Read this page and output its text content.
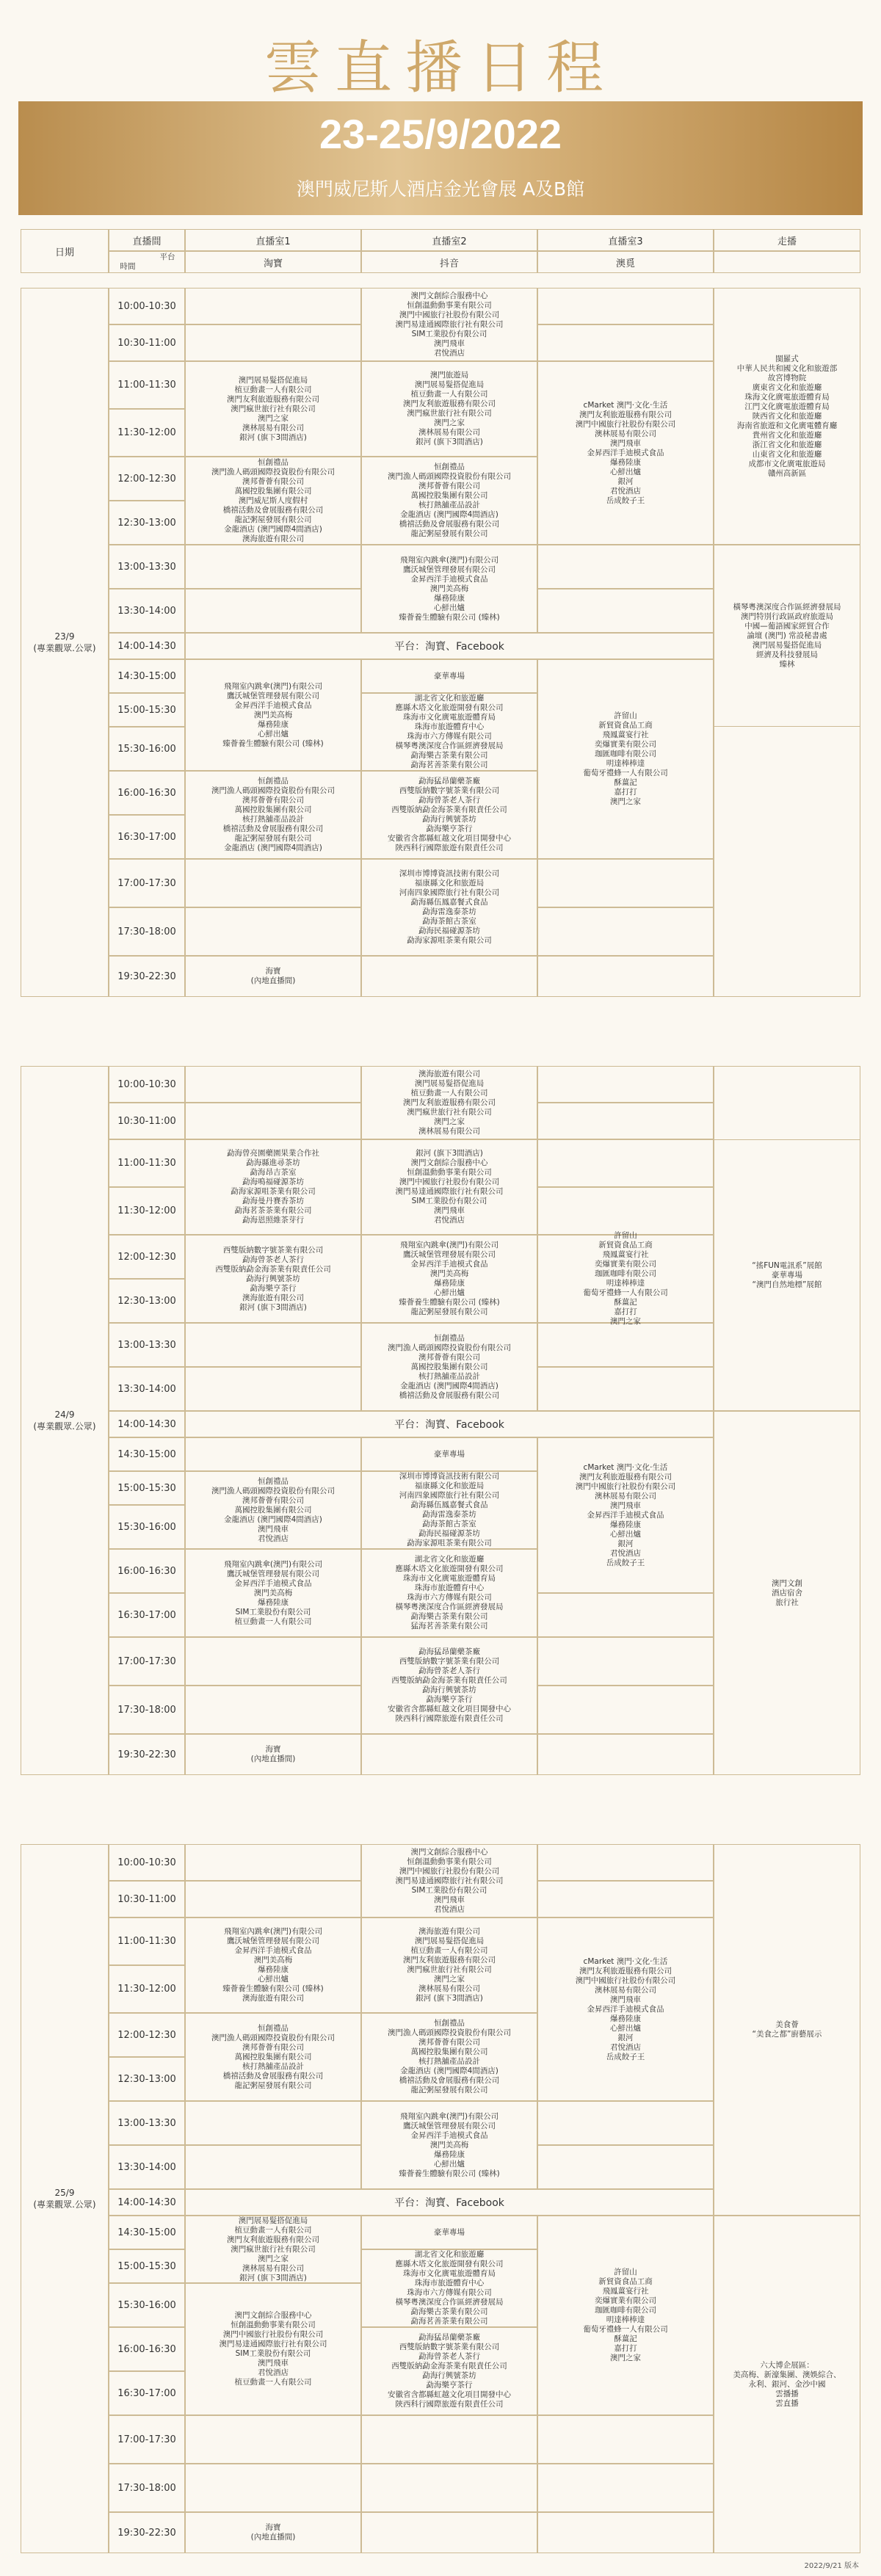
雲直播日程
23-25/9/2022
澳門威尼斯人酒店金光會展 A及B館
日期
直播間
平台
時間
直播室1
淘寶
直播室2
抖音
直播室3
澳覓
走播
23/9
(專業觀眾.公眾)
10:00-10:30
10:30-11:00
11:00-11:30
11:30-12:00
12:00-12:30
12:30-13:00
13:00-13:30
13:30-14:00
14:00-14:30
14:30-15:00
15:00-15:30
15:30-16:00
16:00-16:30
16:30-17:00
17:00-17:30
17:30-18:00
19:30-22:30
平台：淘寶、Facebook
澳門文創綜合服務中心
恒創溫動動事業有限公司
澳門中國旅行社股份有限公司
澳門易達通國際旅行社有限公司
SIM工業股份有限公司
澳門飛車
君悅酒店
澳門展易髮搭促進局
植豆動畫一人有限公司
澳門友利旅遊服務有限公司
澳門瘋世旅行社有限公司
澳門之家
澳林展易有限公司
銀河 (旗下3間酒店)
澳門旅遊局
澳門展易髮搭促進局
植豆動畫一人有限公司
澳門友利旅遊服務有限公司
澳門瘋世旅行社有限公司
澳門之家
澳林展易有限公司
銀河 (旗下3間酒店)
cMarket 澳門‧文化‧生活
澳門友利旅遊服務有限公司
澳門中國旅行社股份有限公司
澳林展易有限公司
澳門飛車
金昇西洋手迪模式食品
爆務陸康
心鮮出爐
銀河
君悅酒店
岳成餃子王
閩羅式
中華人民共和國文化和旅遊部
故宮博物院
廣東省文化和旅遊廳
珠海文化廣電旅遊體育局
江門文化廣電旅遊體育局
陝西省文化和旅遊廳
海南省旅遊和文化廣電體育廳
貴州省文化和旅遊廳
浙江省文化和旅遊廳
山東省文化和旅遊廳
成都市文化廣電旅遊局
贛州高新區
恒創禮品
澳門漁人碼頭國際投資股份有限公司
澳邦薈薈有限公司
萬國控股集團有限公司
澳門威尼斯人度假村
橋禧活動及會展服務有限公司
龍記粥屋發展有限公司
金龍酒店 (澳門國際4間酒店)
澳海旅遊有限公司
恒創禮品
澳門漁人碼頭國際投資股份有限公司
澳邦薈薈有限公司
萬國控股集團有限公司
核打熱舖產品設計
金龍酒店 (澳門國際4間酒店)
橋禧活動及會展服務有限公司
龍記粥屋發展有限公司
橫琴粵澳深度合作區經濟發展局
澳門特別行政區政府旅遊局
中國—葡語國家經貿合作
論壇 (澳門) 常設秘書處
澳門展易髮搭促進局
經濟及科技發展局
臻林
飛翔室內跳傘(澳門)有限公司
鷹沃城堡管理發展有限公司
金昇西洋手迪模式食品
澳門美高梅
爆務陸康
心鮮出爐
臻薈養生體驗有限公司 (臻林)
飛翔室內跳傘(澳門)有限公司
鷹沃城堡管理發展有限公司
金昇西洋手迪模式食品
澳門美高梅
爆務陸康
心鮮出爐
臻薈養生體驗有限公司 (臻林)
豪華專場
恒創禮品
澳門漁人碼頭國際投資股份有限公司
澳邦薈薈有限公司
萬國控股集團有限公司
核打熱舖產品設計
橋禧活動及會展服務有限公司
龍記粥屋發展有限公司
金龍酒店 (澳門國際4間酒店)
湖北省文化和旅遊廳
應縣木塔文化旅遊開發有限公司
珠海市文化廣電旅遊體育局
珠海市旅遊體育中心
珠海市六方傳媒有限公司
橫琴粵澳深度合作區經濟發展局
勐海樂古茶業有限公司
勐海茗善茶業有限公司
許留山
新貿資食品工商
飛鳳薑宴行社
奕爆實業有限公司
珈匯咖啡有限公司
明達棒棒達
葡萄牙禮蜂一人有限公司
酥薑記
嘉打打
澳門之家
勐海猛昂蘭藥茶廠
西雙版納數字號茶業有限公司
勐海曾茶老人茶行
西雙版納勐金海茶業有限責任公司
勐海行興號茶坊
勐海樂亨茶行
安徽省含都縣虹越文化項目開發中心
陝西科行國際旅遊有限責任公司
深圳市博博資訊技術有限公司
福康縣文化和旅遊局
河南四象國際旅行社有限公司
勐海縣伍鳳嘉餐式食品
勐海雷逸泰茶坊
勐海茶館古茶室
勐海民福碰源茶坊
勐海家源咀茶業有限公司
海寶
(內地直播間)
24/9
(專業觀眾.公眾)
10:00-10:30
10:30-11:00
11:00-11:30
11:30-12:00
12:00-12:30
12:30-13:00
13:00-13:30
13:30-14:00
14:00-14:30
14:30-15:00
15:00-15:30
15:30-16:00
16:00-16:30
16:30-17:00
17:00-17:30
17:30-18:00
19:30-22:30
平台：淘寶、Facebook
澳海旅遊有限公司
澳門展易髮搭促進局
植豆動畫一人有限公司
澳門友利旅遊服務有限公司
澳門瘋世旅行社有限公司
澳門之家
澳林展易有限公司
勐海曾亮園藥園果業合作社
勐海縣進尋茶坊
勐海昂吉茶室
勐海鳴福碰源茶坊
勐海家源咀茶業有限公司
勐海曼丹賽香茶坊
勐海茗茶茶業有限公司
勐海恩照維茶芽行
銀河 (旗下3間酒店)
澳門文創綜合服務中心
恒創溫動動事業有限公司
澳門中國旅行社股份有限公司
澳門易達通國際旅行社有限公司
SIM工業股份有限公司
澳門飛車
君悅酒店
西雙版納數字號茶業有限公司
勐海曾茶老人茶行
西雙版納勐金海茶業有限責任公司
勐海行興號茶坊
勐海樂亨茶行
澳海旅遊有限公司
銀河 (旗下3間酒店)
飛翔室內跳傘(澳門)有限公司
鷹沃城堡管理發展有限公司
金昇西洋手迪模式食品
澳門美高梅
爆務陸康
心鮮出爐
臻薈養生體驗有限公司 (臻林)
龍記粥屋發展有限公司
許留山
新貿資食品工商
飛鳳薑宴行社
奕爆實業有限公司
珈匯咖啡有限公司
明達棒棒達
葡萄牙禮蜂一人有限公司
酥薑記
嘉打打
澳門之家
“搖FUN電訊系”展館
豪華專場
“澳門自然地標”展館
恒創禮品
澳門漁人碼頭國際投資股份有限公司
澳邦薈薈有限公司
萬國控股集團有限公司
核打熱舖產品設計
金龍酒店 (澳門國際4間酒店)
橋禧活動及會展服務有限公司
豪華專場
cMarket 澳門‧文化‧生活
澳門友利旅遊服務有限公司
澳門中國旅行社股份有限公司
澳林展易有限公司
澳門飛車
金昇西洋手迪模式食品
爆務陸康
心鮮出爐
銀河
君悅酒店
岳成餃子王
澳門文創
酒店宿舍
旅行社
恒創禮品
澳門漁人碼頭國際投資股份有限公司
澳邦薈薈有限公司
萬國控股集團有限公司
金龍酒店 (澳門國際4間酒店)
澳門飛車
君悅酒店
深圳市博博資訊技術有限公司
福康縣文化和旅遊局
河南四象國際旅行社有限公司
勐海縣伍鳳嘉餐式食品
勐海雷逸泰茶坊
勐海茶館古茶室
勐海民福碰源茶坊
勐海家源咀茶業有限公司
飛翔室內跳傘(澳門)有限公司
鷹沃城堡管理發展有限公司
金昇西洋手迪模式食品
澳門美高梅
爆務陸康
SIM工業股份有限公司
植豆動畫一人有限公司
湖北省文化和旅遊廳
應縣木塔文化旅遊開發有限公司
珠海市文化廣電旅遊體育局
珠海市旅遊體育中心
珠海市六方傳媒有限公司
橫琴粵澳深度合作區經濟發展局
勐海樂古茶業有限公司
猛海茗善茶業有限公司
勐海猛昂蘭藥茶廠
西雙版納數字號茶業有限公司
勐海曾茶老人茶行
西雙版納勐金海茶業有限責任公司
勐海行興號茶坊
勐海樂亨茶行
安徽省含都縣虹越文化項目開發中心
陝西科行國際旅遊有限責任公司
海寶
(內地直播間)
25/9
(專業觀眾.公眾)
10:00-10:30
10:30-11:00
11:00-11:30
11:30-12:00
12:00-12:30
12:30-13:00
13:00-13:30
13:30-14:00
14:00-14:30
14:30-15:00
15:00-15:30
15:30-16:00
16:00-16:30
16:30-17:00
17:00-17:30
17:30-18:00
19:30-22:30
平台：淘寶、Facebook
澳門文創綜合服務中心
恒創溫動動事業有限公司
澳門中國旅行社股份有限公司
澳門易達通國際旅行社有限公司
SIM工業股份有限公司
澳門飛車
君悅酒店
飛翔室內跳傘(澳門)有限公司
鷹沃城堡管理發展有限公司
金昇西洋手迪模式食品
澳門美高梅
爆務陸康
心鮮出爐
臻薈養生體驗有限公司 (臻林)
澳海旅遊有限公司
澳海旅遊有限公司
澳門展易髮搭促進局
植豆動畫一人有限公司
澳門友利旅遊服務有限公司
澳門瘋世旅行社有限公司
澳門之家
澳林展易有限公司
銀河 (旗下3間酒店)
cMarket 澳門‧文化‧生活
澳門友利旅遊服務有限公司
澳門中國旅行社股份有限公司
澳林展易有限公司
澳門飛車
金昇西洋手迪模式食品
爆務陸康
心鮮出爐
銀河
君悅酒店
岳成餃子王
恒創禮品
澳門漁人碼頭國際投資股份有限公司
澳邦薈薈有限公司
萬國控股集團有限公司
核打熱舖產品設計
橋禧活動及會展服務有限公司
龍記粥屋發展有限公司
恒創禮品
澳門漁人碼頭國際投資股份有限公司
澳邦薈薈有限公司
萬國控股集團有限公司
核打熱舖產品設計
金龍酒店 (澳門國際4間酒店)
橋禧活動及會展服務有限公司
龍記粥屋發展有限公司
美食薈
“美食之都”廚藝展示
飛翔室內跳傘(澳門)有限公司
鷹沃城堡管理發展有限公司
金昇西洋手迪模式食品
澳門美高梅
爆務陸康
心鮮出爐
臻薈養生體驗有限公司 (臻林)
澳門展易髮搭促進局
植豆動畫一人有限公司
澳門友利旅遊服務有限公司
澳門瘋世旅行社有限公司
澳門之家
澳林展易有限公司
銀河 (旗下3間酒店)
豪華專場
湖北省文化和旅遊廳
應縣木塔文化旅遊開發有限公司
珠海市文化廣電旅遊體育局
珠海市旅遊體育中心
珠海市六方傳媒有限公司
橫琴粵澳深度合作區經濟發展局
勐海樂古茶業有限公司
勐海茗善茶業有限公司
許留山
新貿資食品工商
飛鳳薑宴行社
奕爆實業有限公司
珈匯咖啡有限公司
明達棒棒達
葡萄牙禮蜂一人有限公司
酥薑記
嘉打打
澳門之家
六大博企展區：
美高梅、新濠集團、澳娛綜合、
永利、銀河、金沙中國
雲播播
雲直播
澳門文創綜合服務中心
恒創溫動動事業有限公司
澳門中國旅行社股份有限公司
澳門易達通國際旅行社有限公司
SIM工業股份有限公司
澳門飛車
君悅酒店
植豆動畫一人有限公司
勐海猛昂蘭藥茶廠
西雙版納數字號茶業有限公司
勐海曾茶老人茶行
西雙版納勐金海茶業有限責任公司
勐海行興號茶坊
勐海樂亨茶行
安徽省含都縣虹越文化項目開發中心
陝西科行國際旅遊有限責任公司
海寶
(內地直播間)
2022/9/21 版本
